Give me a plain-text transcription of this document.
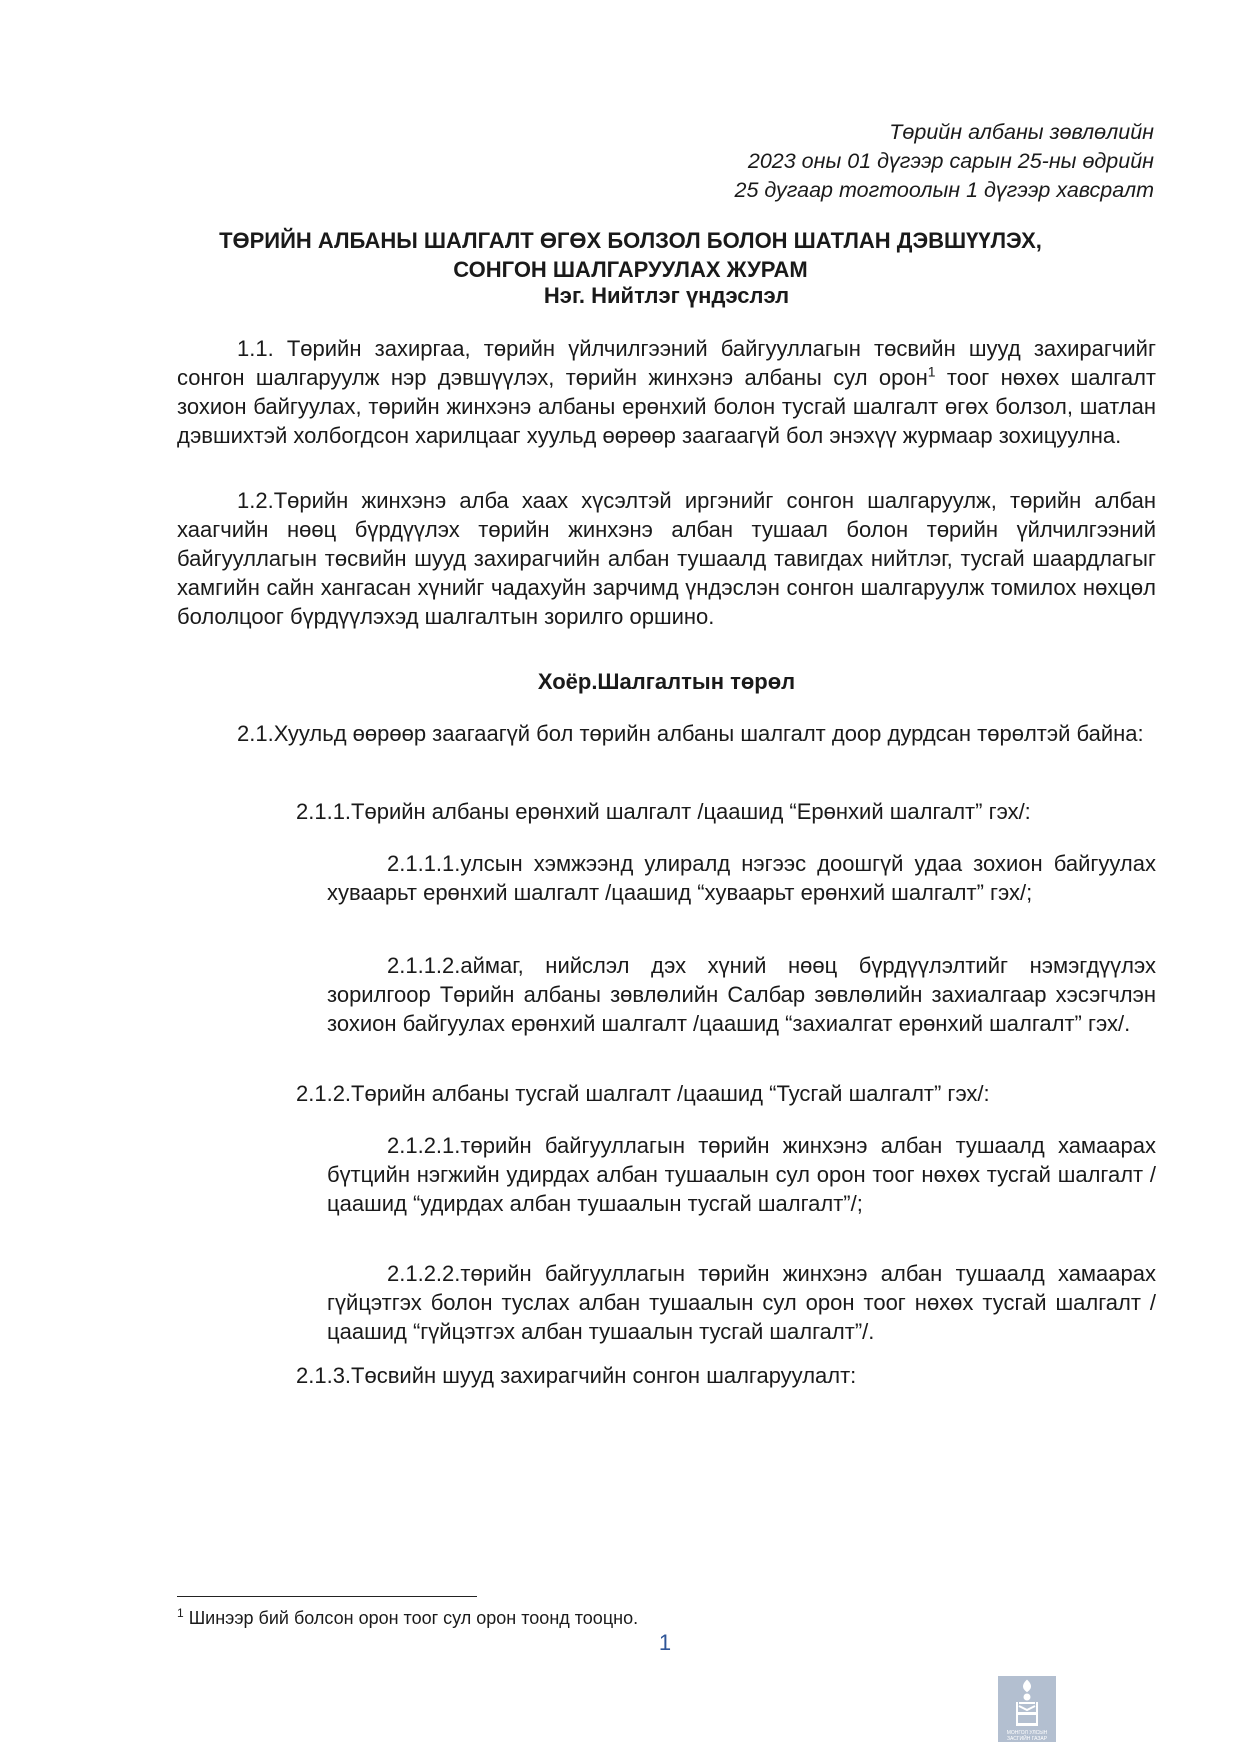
Төрийн албаны зөвлөлийн
2023 оны 01 дүгээр сарын 25-ны өдрийн
25 дугаар тогтоолын 1 дүгээр хавсралт
ТӨРИЙН АЛБАНЫ ШАЛГАЛТ ӨГӨХ БОЛЗОЛ БОЛОН ШАТЛАН ДЭВШҮҮЛЭХ,
СОНГОН ШАЛГАРУУЛАХ ЖУРАМ
Нэг. Нийтлэг үндэслэл

1.1. Төрийн захиргаа, төрийн үйлчилгээний байгууллагын төсвийн шууд захирагчийг сонгон шалгаруулж нэр дэвшүүлэх, төрийн жинхэнэ албаны сул орон$^1$ тоог нөхөх шалгалт зохион байгуулах, төрийн жинхэнэ албаны ерөнхий болон тусгай шалгалт өгөх болзол, шатлан дэвшихтэй холбогдсон харилцааг хуульд өөрөөр заагаагүй бол энэхүү журмаар зохицуулна.

1.2.Төрийн жинхэнэ алба хаах хүсэлтэй иргэнийг сонгон шалгаруулж, төрийн албан хаагчийн нөөц бүрдүүлэх төрийн жинхэнэ албан тушаал болон төрийн үйлчилгээний байгууллагын төсвийн шууд захирагчийн албан тушаалд тавигдах нийтлэг, тусгай шаардлагыг хамгийн сайн хангасан хүнийг чадахуйн зарчимд үндэслэн сонгон шалгаруулж томилох нөхцөл бололцоог бүрдүүлэхэд шалгалтын зорилго оршино.

Хоёр.Шалгалтын төрөл

2.1.Хуульд өөрөөр заагаагүй бол төрийн албаны шалгалт доор дурдсан төрөлтэй байна:

2.1.1.Төрийн албаны ерөнхий шалгалт /цаашид “Ерөнхий шалгалт” гэх/:

2.1.1.1.улсын хэмжээнд улиралд нэгээс доошгүй удаа зохион байгуулах хуваарьт ерөнхий шалгалт /цаашид “хуваарьт ерөнхий шалгалт” гэх/;

2.1.1.2.аймаг, нийслэл дэх хүний нөөц бүрдүүлэлтийг нэмэгдүүлэх зорилгоор Төрийн албаны зөвлөлийн Салбар зөвлөлийн захиалгаар хэсэгчлэн зохион байгуулах ерөнхий шалгалт /цаашид “захиалгат ерөнхий шалгалт” гэх/.

2.1.2.Төрийн албаны тусгай шалгалт /цаашид “Тусгай шалгалт” гэх/:

2.1.2.1.төрийн байгууллагын төрийн жинхэнэ албан тушаалд хамаарах бүтцийн нэгжийн удирдах албан тушаалын сул орон тоог нөхөх тусгай шалгалт /цаашид “удирдах албан тушаалын тусгай шалгалт”/;

2.1.2.2.төрийн байгууллагын төрийн жинхэнэ албан тушаалд хамаарах гүйцэтгэх болон туслах албан тушаалын сул орон тоог нөхөх тусгай шалгалт /цаашид “гүйцэтгэх албан тушаалын тусгай шалгалт”/.

2.1.3.Төсвийн шууд захирагчийн сонгон шалгаруулалт:

$^1$ Шинээр бий болсон орон тоог сул орон тоонд тооцно.
1
МОНГОЛ УЛСЫН
ЗАСГИЙН ГАЗАР
